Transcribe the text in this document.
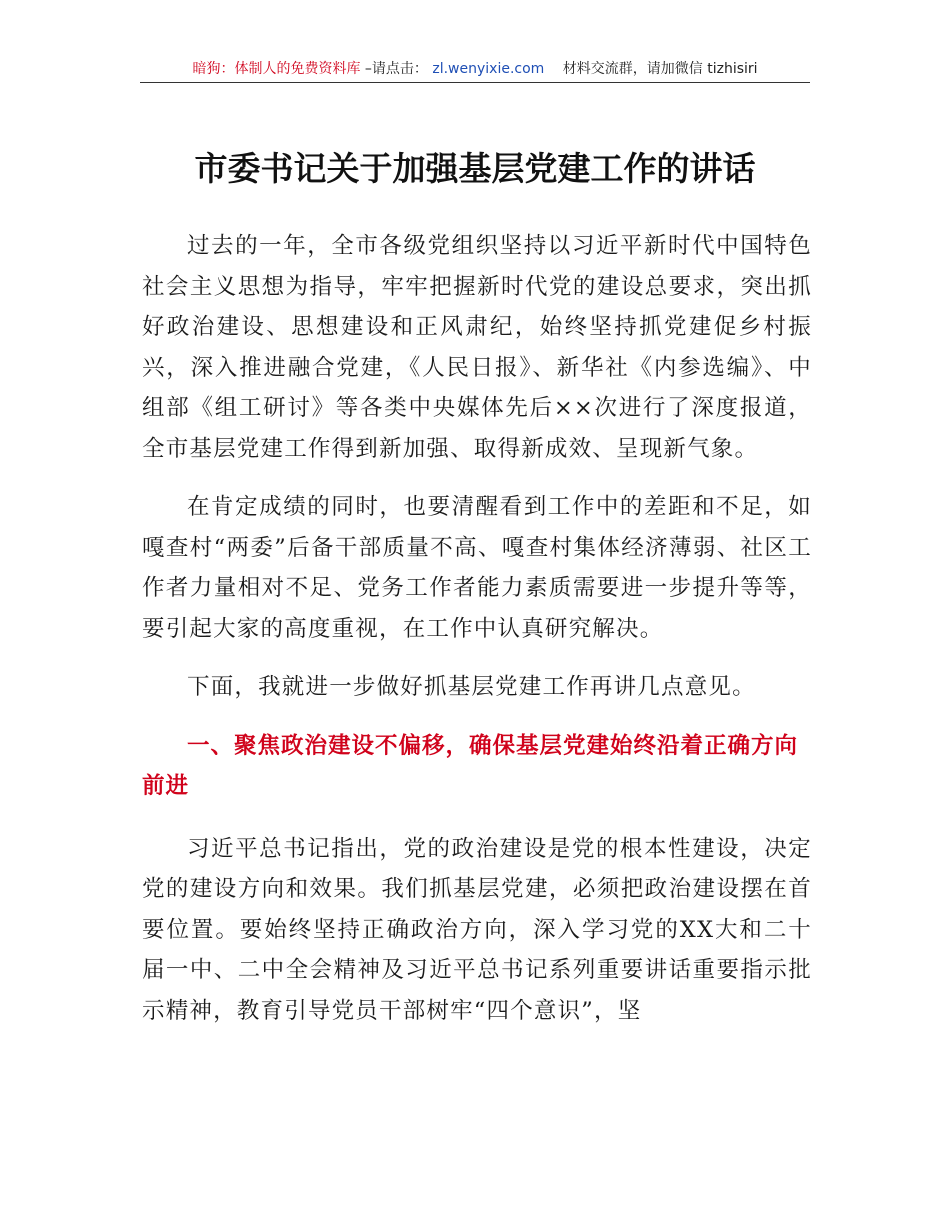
暗狗：体制人的免费资料库 –请点击： zl.wenyixie.com 材料交流群，请加微信 tizhisiri
市委书记关于加强基层党建工作的讲话

过去的一年，全市各级党组织坚持以习近平新时代中国特色社会主义思想为指导，牢牢把握新时代党的建设总要求，突出抓好政治建设、思想建设和正风肃纪，始终坚持抓党建促乡村振兴，深入推进融合党建，《人民日报》、新华社《内参选编》、中组部《组工研讨》等各类中央媒体先后××次进行了深度报道，全市基层党建工作得到新加强、取得新成效、呈现新气象。

在肯定成绩的同时，也要清醒看到工作中的差距和不足，如嘎查村“两委”后备干部质量不高、嘎查村集体经济薄弱、社区工作者力量相对不足、党务工作者能力素质需要进一步提升等等，要引起大家的高度重视，在工作中认真研究解决。

下面，我就进一步做好抓基层党建工作再讲几点意见。

一、聚焦政治建设不偏移，确保基层党建始终沿着正确方向前进

习近平总书记指出，党的政治建设是党的根本性建设，决定党的建设方向和效果。我们抓基层党建，必须把政治建设摆在首要位置。要始终坚持正确政治方向，深入学习党的XX大和二十届一中、二中全会精神及习近平总书记系列重要讲话重要指示批示精神，教育引导党员干部树牢“四个意识”，坚
